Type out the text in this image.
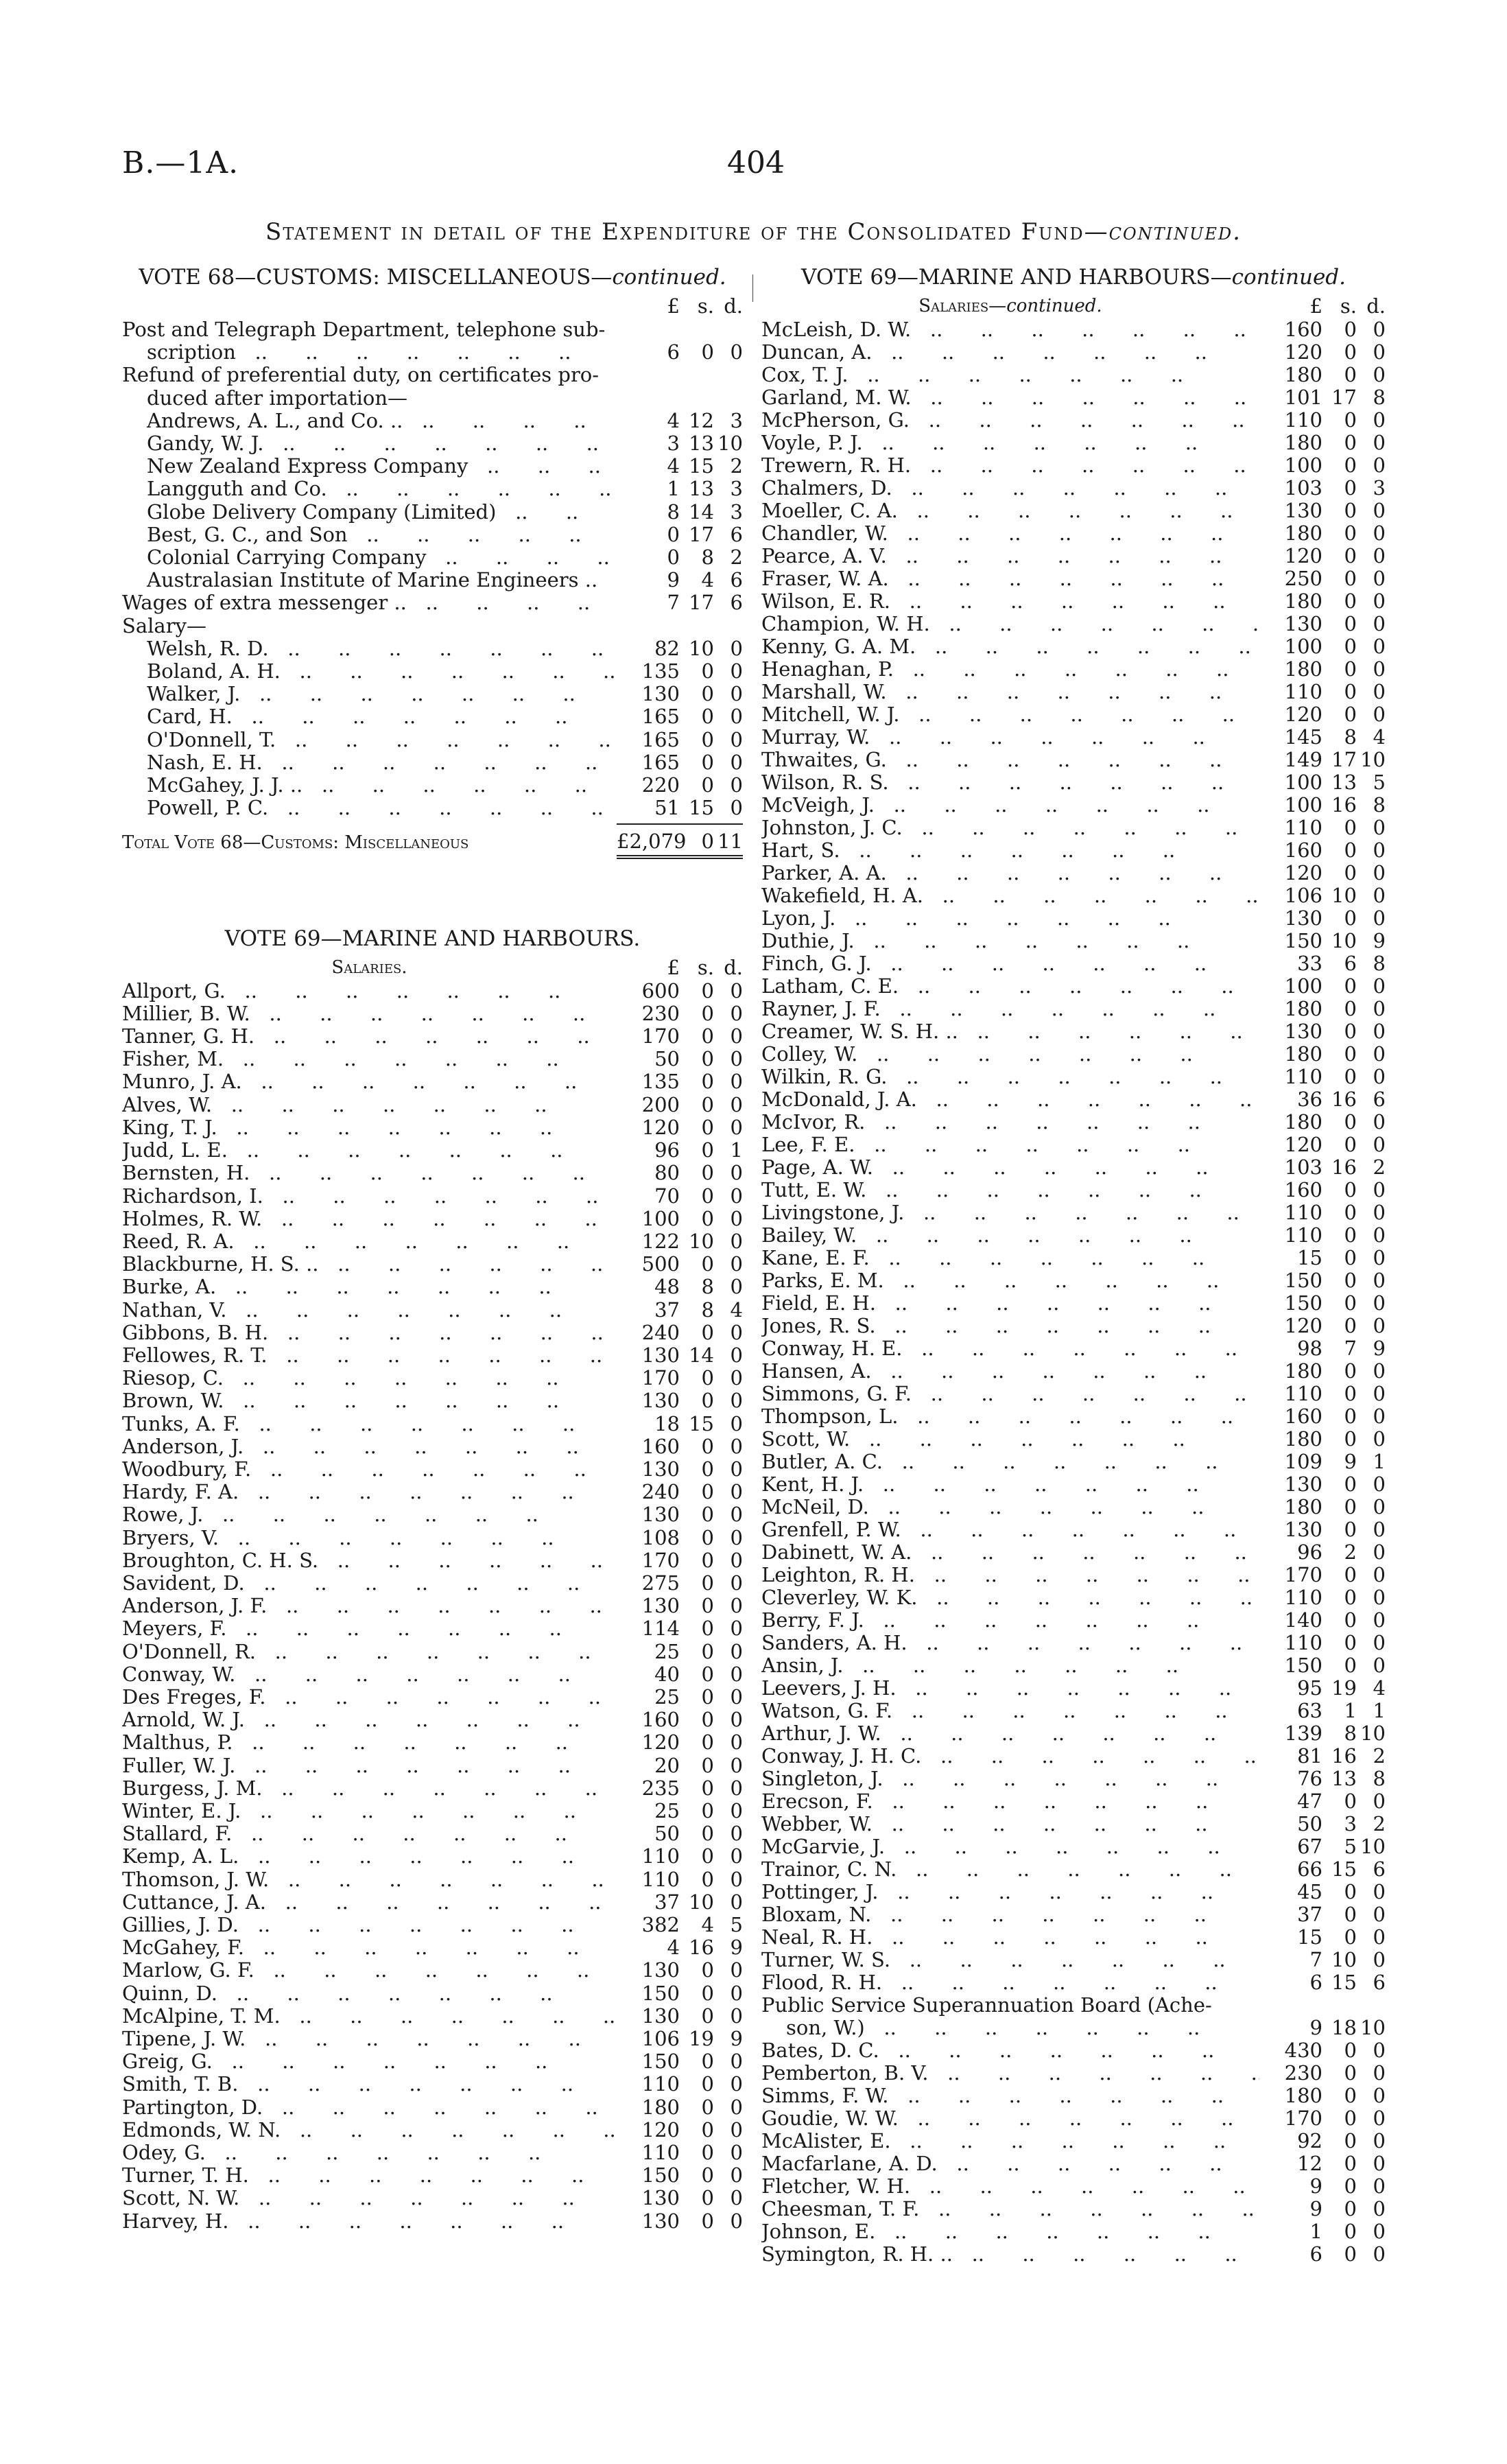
B.—1A.	404
Statement in detail of the Expenditure of the Consolidated Fund—continued.
VOTE 68—CUSTOMS: MISCELLANEOUS—continued.
£ s. d.
Post and Telegraph Department, telephone sub-
scription ..	6	0 0
Refund of preferential duty, on certificates pro-
duced after importation—
Andrews, A. L., and Co. .. ..	4 12 3
Gandy, W. J. ..	3 13 10
New Zealand Express Company ..	4 15 2
Langguth and Co. ..	1 13 3
Globe Delivery Company (Limited) ..	8 14 3
Best, G. C., and Son ..	0 17 6
Colonial Carrying Company ..	0	8 2
Australasian Institute of Marine Engineers .. ..	9	4 6
Wages of extra messenger .. ..	7 17 6
Salary—
Welsh, R. D. ..	82 10 0
Boland, A. H. ..	135	0 0
Walker, J. ..	130	0 0
Card, H. ..	165	0 0
O'Donnell, T. ..	165	0 0
Nash, E. H. ..	165	0 0
McGahey, J. J. .. ..	220	0 0
Powell, P. C. ..	51 15 0
Total Vote 68—Customs: Miscellaneous	£2,079 0 11
VOTE 69—MARINE AND HARBOURS.
Salaries.	£ s. d.
Allport, G. ..	600	0 0
Millier, B. W. ..	230	0 0
Tanner, G. H. ..	170	0 0
Fisher, M. ..	50	0 0
Munro, J. A. ..	135	0 0
Alves, W. ..	200	0 0
King, T. J. ..	120	0 0
Judd, L. E. ..	96	0 1
Bernsten, H. ..	80	0 0
Richardson, I. ..	70	0 0
Holmes, R. W. ..	100	0 0
Reed, R. A. ..	122 10 0
Blackburne, H. S. .. ..	500	0 0
Burke, A. ..	48	8 0
Nathan, V. ..	37	8 4
Gibbons, B. H. ..	240	0 0
Fellowes, R. T. ..	130 14 0
Riesop, C. ..	170	0 0
Brown, W. ..	130	0 0
Tunks, A. F. ..	18 15 0
Anderson, J. ..	160	0 0
Woodbury, F. ..	130	0 0
Hardy, F. A. ..	240	0 0
Rowe, J. ..	130	0 0
Bryers, V. ..	108	0 0
Broughton, C. H. S. ..	170	0 0
Savident, D. ..	275	0 0
Anderson, J. F. ..	130	0 0
Meyers, F. ..	114	0 0
O'Donnell, R. ..	25	0 0
Conway, W. ..	40	0 0
Des Freges, F. ..	25	0 0
Arnold, W. J. ..	160	0 0
Malthus, P. ..	120	0 0
Fuller, W. J. ..	20	0 0
Burgess, J. M. ..	235	0 0
Winter, E. J. ..	25	0 0
Stallard, F. ..	50	0 0
Kemp, A. L. ..	110	0 0
Thomson, J. W. ..	110	0 0
Cuttance, J. A. ..	37 10 0
Gillies, J. D. ..	382	4 5
McGahey, F. ..	4 16 9
Marlow, G. F. ..	130	0 0
Quinn, D. ..	150	0 0
McAlpine, T. M. ..	130	0 0
Tipene, J. W. ..	106 19 9
Greig, G. ..	150	0 0
Smith, T. B. ..	110	0 0
Partington, D. ..	180	0 0
Edmonds, W. N. ..	120	0 0
Odey, G. ..	110	0 0
Turner, T. H. ..	150	0 0
Scott, N. W. ..	130	0 0
Harvey, H. ..	130	0 0
VOTE 69—MARINE AND HARBOURS—continued.
Salaries—continued.	£ s. d.
McLeish, D. W. ..	160	0 0
Duncan, A. ..	120	0 0
Cox, T. J. ..	180	0 0
Garland, M. W. ..	101 17 8
McPherson, G. ..	110	0 0
Voyle, P. J. ..	180	0 0
Trewern, R. H. ..	100	0 0
Chalmers, D. ..	103	0 3
Moeller, C. A. ..	130	0 0
Chandler, W. ..	180	0 0
Pearce, A. V. ..	120	0 0
Fraser, W. A. ..	250	0 0
Wilson, E. R. ..	180	0 0
Champion, W. H. ..	130	0 0
Kenny, G. A. M. ..	100	0 0
Henaghan, P. ..	180	0 0
Marshall, W. ..	110	0 0
Mitchell, W. J. ..	120	0 0
Murray, W. ..	145	8 4
Thwaites, G. ..	149 17 10
Wilson, R. S. ..	100 13 5
McVeigh, J. ..	100 16 8
Johnston, J. C. ..	110	0 0
Hart, S. ..	160	0 0
Parker, A. A. ..	120	0 0
Wakefield, H. A. ..	106 10 0
Lyon, J. ..	130	0 0
Duthie, J. ..	150 10 9
Finch, G. J. ..	33	6 8
Latham, C. E. ..	100	0 0
Rayner, J. F. ..	180	0 0
Creamer, W. S. H. .. ..	130	0 0
Colley, W. ..	180	0 0
Wilkin, R. G. ..	110	0 0
McDonald, J. A. ..	36 16 6
McIvor, R. ..	180	0 0
Lee, F. E. ..	120	0 0
Page, A. W. ..	103 16 2
Tutt, E. W. ..	160	0 0
Livingstone, J. ..	110	0 0
Bailey, W. ..	110	0 0
Kane, E. F. ..	15	0 0
Parks, E. M. ..	150	0 0
Field, E. H. ..	150	0 0
Jones, R. S. ..	120	0 0
Conway, H. E. ..	98	7 9
Hansen, A. ..	180	0 0
Simmons, G. F. ..	110	0 0
Thompson, L. ..	160	0 0
Scott, W. ..	180	0 0
Butler, A. C. ..	109	9 1
Kent, H. J. ..	130	0 0
McNeil, D. ..	180	0 0
Grenfell, P. W. ..	130	0 0
Dabinett, W. A. ..	96	2 0
Leighton, R. H. ..	170	0 0
Cleverley, W. K. ..	110	0 0
Berry, F. J. ..	140	0 0
Sanders, A. H. ..	110	0 0
Ansin, J. ..	150	0 0
Leevers, J. H. ..	95 19 4
Watson, G. F. ..	63	1 1
Arthur, J. W. ..	139	8 10
Conway, J. H. C. ..	81 16 2
Singleton, J. ..	76 13 8
Erecson, F. ..	47	0 0
Webber, W. ..	50	3 2
McGarvie, J. ..	67	5 10
Trainor, C. N. ..	66 15 6
Pottinger, J. ..	45	0 0
Bloxam, N. ..	37	0 0
Neal, R. H. ..	15	0 0
Turner, W. S. ..	7 10 0
Flood, R. H. ..	6 15 6
Public Service Superannuation Board (Ache-
son, W.) ..	9 18 10
Bates, D. C. ..	430	0 0
Pemberton, B. V. ..	230	0 0
Simms, F. W. ..	180	0 0
Goudie, W. W. ..	170	0 0
McAlister, E. ..	92	0 0
Macfarlane, A. D. ..	12	0 0
Fletcher, W. H. ..	9	0 0
Cheesman, T. F. ..	9	0 0
Johnson, E. ..	1	0 0
Symington, R. H. .. ..	6	0 0
